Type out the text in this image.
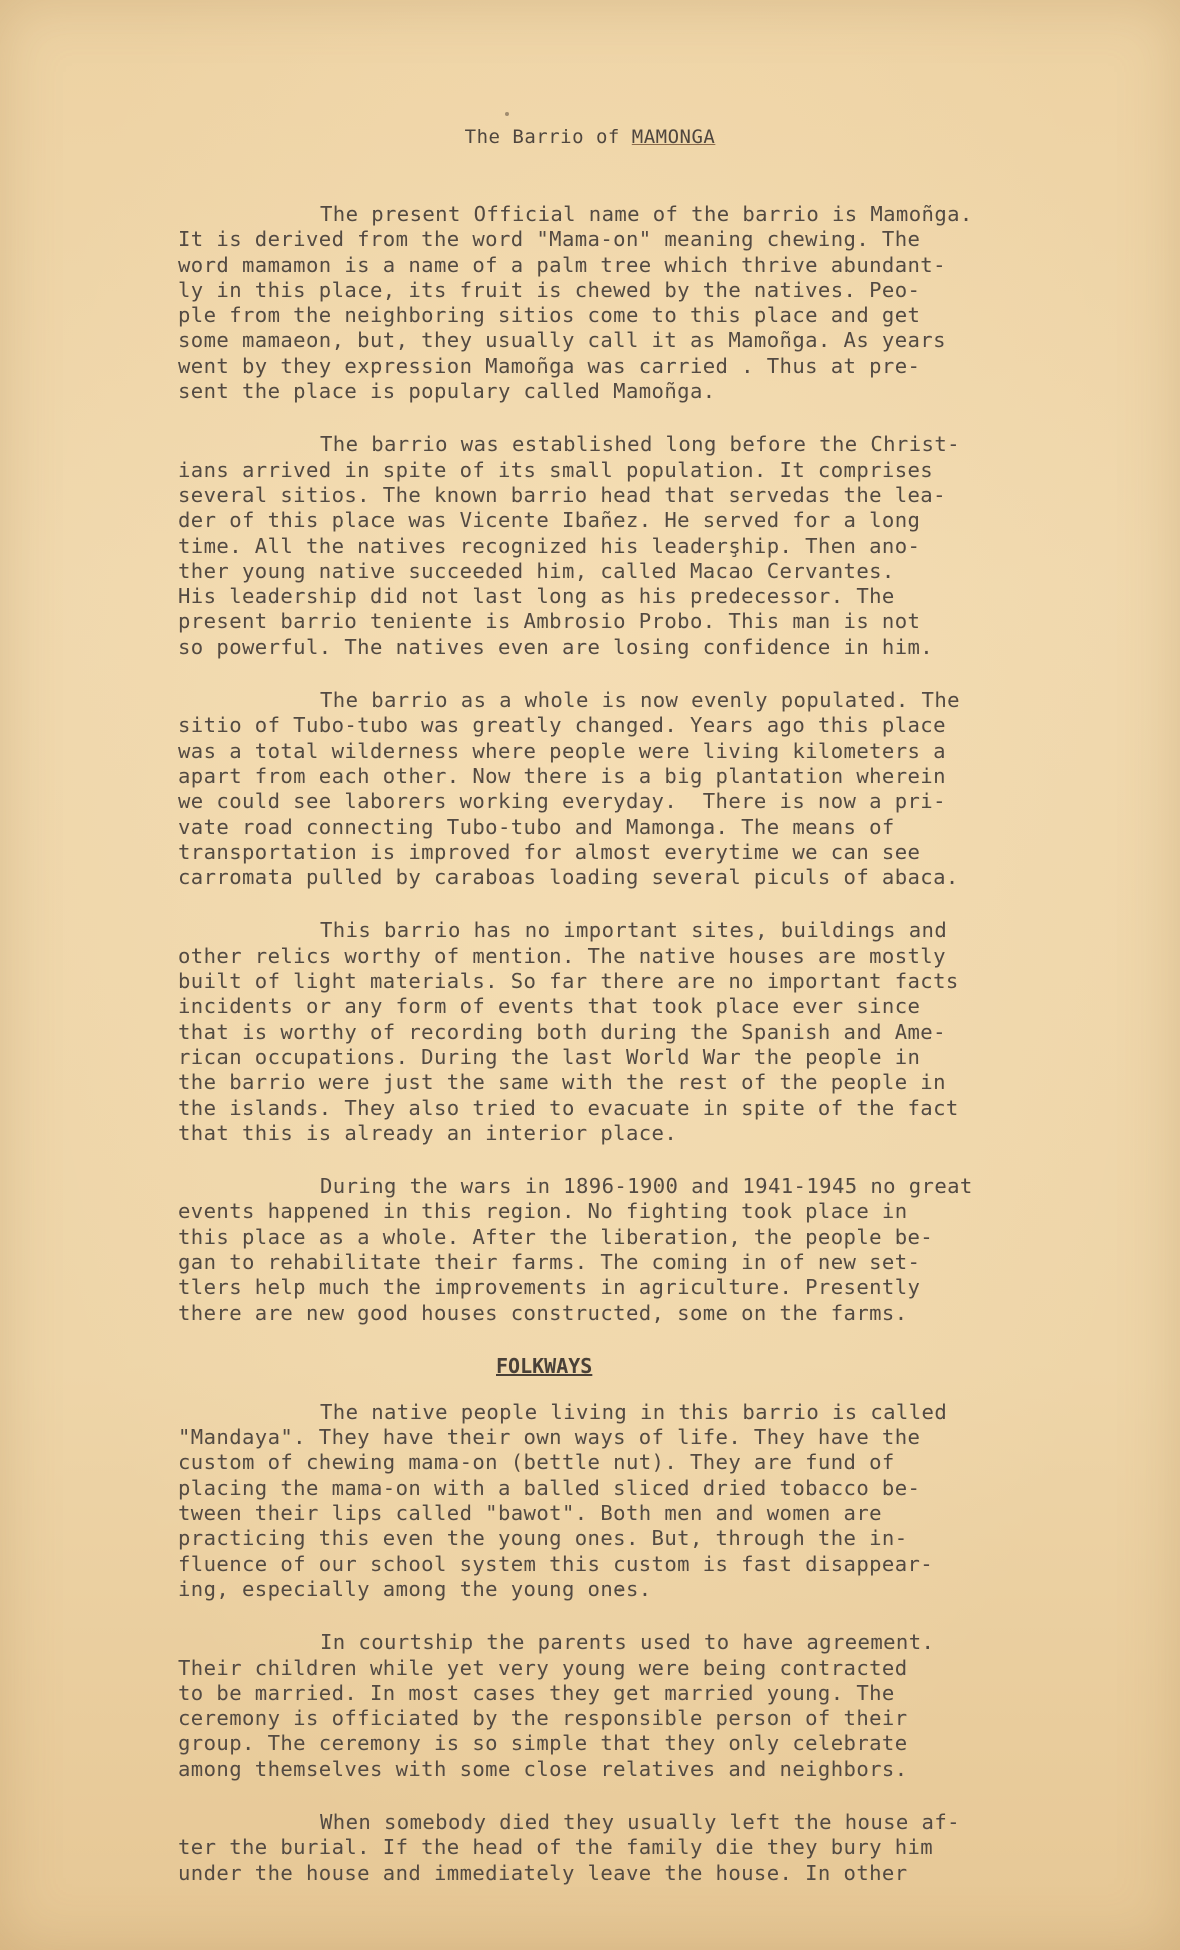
The Barrio of MAMONGA
The present Official name of the barrio is Mamoñga.
It is derived from the word "Mama-on" meaning chewing. The
word mamamon is a name of a palm tree which thrive abundant-
ly in this place, its fruit is chewed by the natives. Peo-
ple from the neighboring sitios come to this place and get
some mamaeon, but, they usually call it as Mamoñga. As years
went by they expression Mamoñga was carried . Thus at pre-
sent the place is populary called Mamoñga.
The barrio was established long before the Christ-
ians arrived in spite of its small population. It comprises
several sitios. The known barrio head that servedas the lea-
der of this place was Vicente Ibañez. He served for a long
time. All the natives recognized his leaderşhip. Then ano-
ther young native succeeded him, called Macao Cervantes.
His leadership did not last long as his predecessor. The
present barrio teniente is Ambrosio Probo. This man is not
so powerful. The natives even are losing confidence in him.
The barrio as a whole is now evenly populated. The
sitio of Tubo-tubo was greatly changed. Years ago this place
was a total wilderness where people were living kilometers a
apart from each other. Now there is a big plantation wherein
we could see laborers working everyday.  There is now a pri-
vate road connecting Tubo-tubo and Mamonga. The means of
transportation is improved for almost everytime we can see
carromata pulled by caraboas loading several piculs of abaca.
This barrio has no important sites, buildings and
other relics worthy of mention. The native houses are mostly
built of light materials. So far there are no important facts
incidents or any form of events that took place ever since
that is worthy of recording both during the Spanish and Ame-
rican occupations. During the last World War the people in
the barrio were just the same with the rest of the people in
the islands. They also tried to evacuate in spite of the fact
that this is already an interior place.
During the wars in 1896-1900 and 1941-1945 no great
events happened in this region. No fighting took place in
this place as a whole. After the liberation, the people be-
gan to rehabilitate their farms. The coming in of new set-
tlers help much the improvements in agriculture. Presently
there are new good houses constructed, some on the farms.
FOLKWAYS
The native people living in this barrio is called
"Mandaya". They have their own ways of life. They have the
custom of chewing mama-on (bettle nut). They are fund of
placing the mama-on with a balled sliced dried tobacco be-
tween their lips called "bawot". Both men and women are
practicing this even the young ones. But, through the in-
fluence of our school system this custom is fast disappear-
ing, especially among the young ones.
In courtship the parents used to have agreement.
Their children while yet very young were being contracted
to be married. In most cases they get married young. The
ceremony is officiated by the responsible person of their
group. The ceremony is so simple that they only celebrate
among themselves with some close relatives and neighbors.
When somebody died they usually left the house af-
ter the burial. If the head of the family die they bury him
under the house and immediately leave the house. In other
